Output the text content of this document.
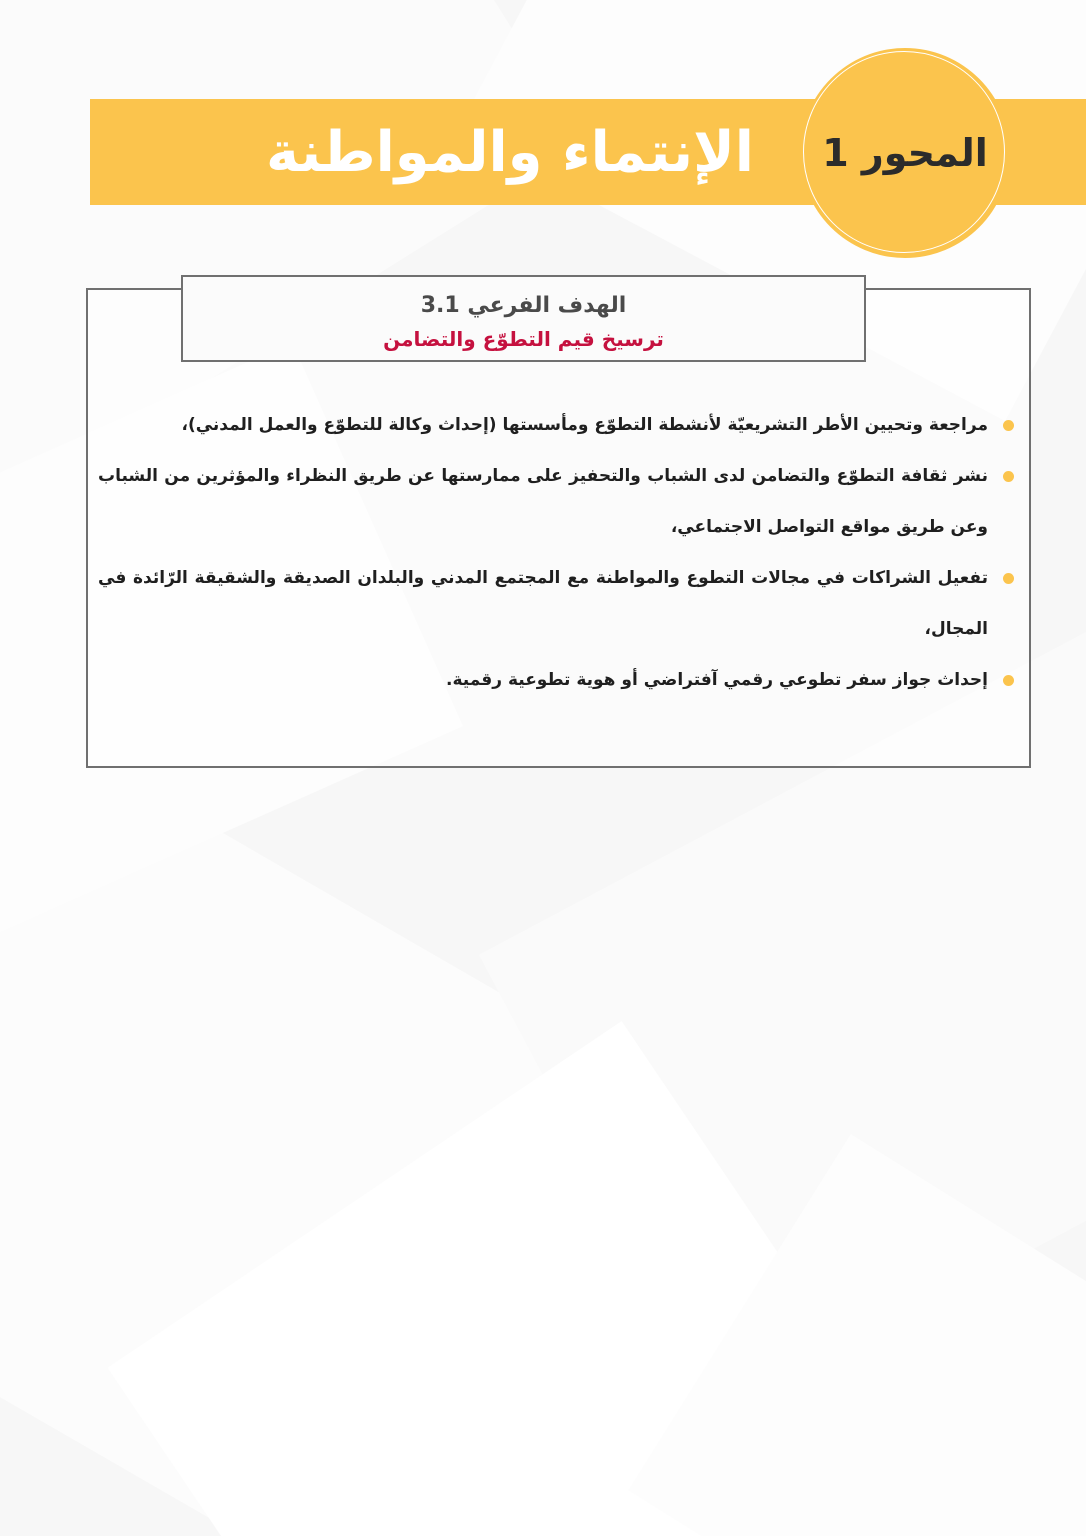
الإنتماء والمواطنة	المحور 1
الهدف الفرعي 3.1
ترسيخ قيم التطوّع والتضامن
مراجعة وتحيين الأطر التشريعيّة لأنشطة التطوّع ومأسستها (إحداث وكالة للتطوّع والعمل المدني)،
نشر ثقافة التطوّع والتضامن لدى الشباب والتحفيز على ممارستها عن طريق النظراء والمؤثرين من الشباب وعن طريق مواقع التواصل الاجتماعي،
تفعيل الشراكات في مجالات التطوع والمواطنة مع المجتمع المدني والبلدان الصديقة والشقيقة الرّائدة في المجال،
إحداث جواز سفر تطوعي رقمي آفتراضي أو هوية تطوعية رقمية.
